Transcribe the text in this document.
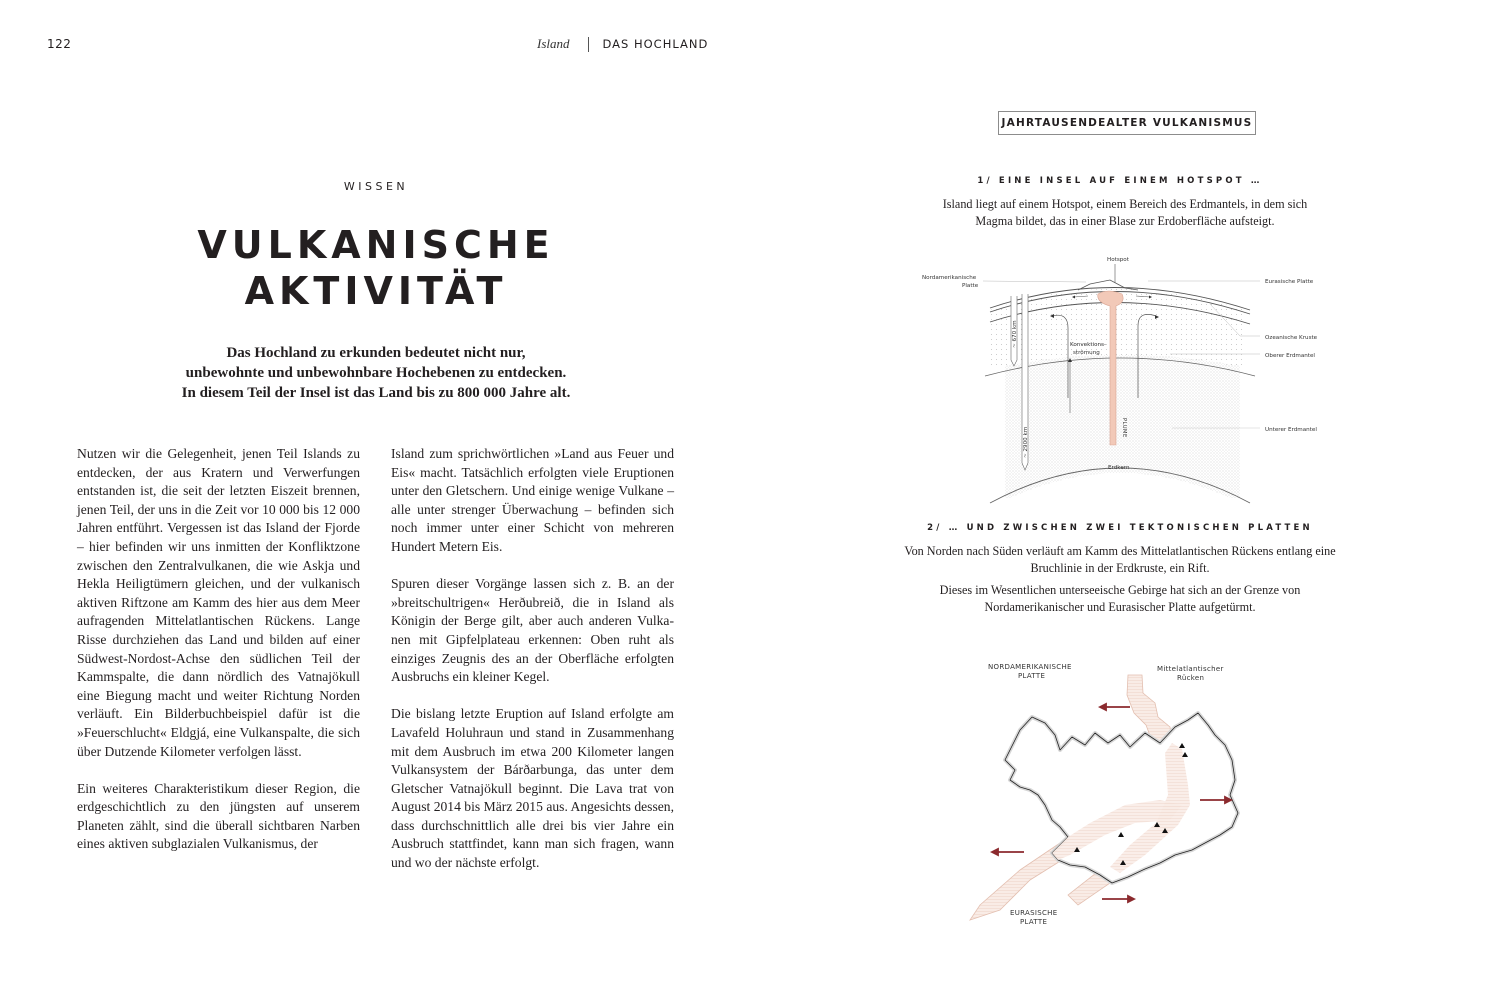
122	Island	DAS HOCHLAND
WISSEN
VULKANISCHE
AKTIVITÄT
Das Hochland zu erkunden bedeutet nicht nur,
unbewohnte und unbewohnbare Hochebenen zu entdecken.
In diesem Teil der Insel ist das Land bis zu 800 000 Jahre alt.

Nutzen wir die Gelegenheit, jenen Teil Islands zu entdecken, der aus Kratern und Verwerfungen entstanden ist, die seit der letzten Eiszeit brennen, jenen Teil, der uns in die Zeit vor 10 000 bis 12 000 Jahren entführt. Vergessen ist das Island der Fjorde – hier befinden wir uns inmitten der Konfliktzone zwischen den Zentralvulkanen, die wie Askja und Hekla Heiligtümern gleichen, und der vulkanisch aktiven Riftzone am Kamm des hier aus dem Meer aufragenden Mittelatlantischen Rückens. Lange Risse durchziehen das Land und bilden auf einer Südwest-Nordost-Achse den südlichen Teil der Kammspalte, die dann nördlich des Vatnajökull eine Biegung macht und weiter Richtung Norden verläuft. Ein Bilderbuchbeispiel dafür ist die »Feuerschlucht« Eldgjá, eine Vulkanspalte, die sich über Dutzende Kilometer verfolgen lässt.

Ein weiteres Charakteristikum dieser Region, die erdgeschichtlich zu den jüngsten auf unserem Planeten zählt, sind die überall sichtbaren Narben eines aktiven subglazialen Vulkanismus, der

Island zum sprichwörtlichen »Land aus Feuer und Eis« macht. Tatsächlich erfolgten viele Eruptionen unter den Gletschern. Und einige wenige Vulkane – alle unter strenger Überwachung – befinden sich noch immer unter einer Schicht von mehreren Hundert Metern Eis.

Spuren dieser Vorgänge lassen sich z. B. an der »breitschultrigen« Herðubreið, die in Island als Königin der Berge gilt, aber auch anderen Vulkanen mit Gipfelplateau erkennen: Oben ruht als einziges Zeugnis des an der Oberfläche erfolgten Ausbruchs ein kleiner Kegel.

Die bislang letzte Eruption auf Island erfolgte am Lavafeld Holuhraun und stand in Zusammenhang mit dem Ausbruch im etwa 200 Kilometer langen Vulkansystem der Bárðarbunga, das unter dem Gletscher Vatnajökull beginnt. Die Lava trat von August 2014 bis März 2015 aus. Angesichts dessen, dass durchschnittlich alle drei bis vier Jahre ein Ausbruch stattfindet, kann man sich fragen, wann und wo der nächste erfolgt.

JAHRTAUSENDEALTER VULKANISMUS
1/ EINE INSEL AUF EINEM HOTSPOT …
Island liegt auf einem Hotspot, einem Bereich des Erdmantels, in dem sich Magma bildet, das in einer Blase zur Erdoberfläche aufsteigt.
~ 670 km
~ 2900 km	PLUME
Hotspot
Nordamerikanische
Platte
Eurasische Platte
Ozeanische Kruste
Oberer Erdmantel
Unterer Erdmantel
Konvektions-
strömung
Erdkern
2/ … UND ZWISCHEN ZWEI TEKTONISCHEN PLATTEN

Von Norden nach Süden verläuft am Kamm des Mittelatlantischen Rückens entlang eine Bruchlinie in der Erdkruste, ein Rift.

Dieses im Wesentlichen unterseeische Gebirge hat sich an der Grenze von Nordamerikanischer und Eurasischer Platte aufgetürmt.

NORDAMERIKANISCHE
PLATTE
Mittelatlantischer
Rücken
EURASISCHE
PLATTE
